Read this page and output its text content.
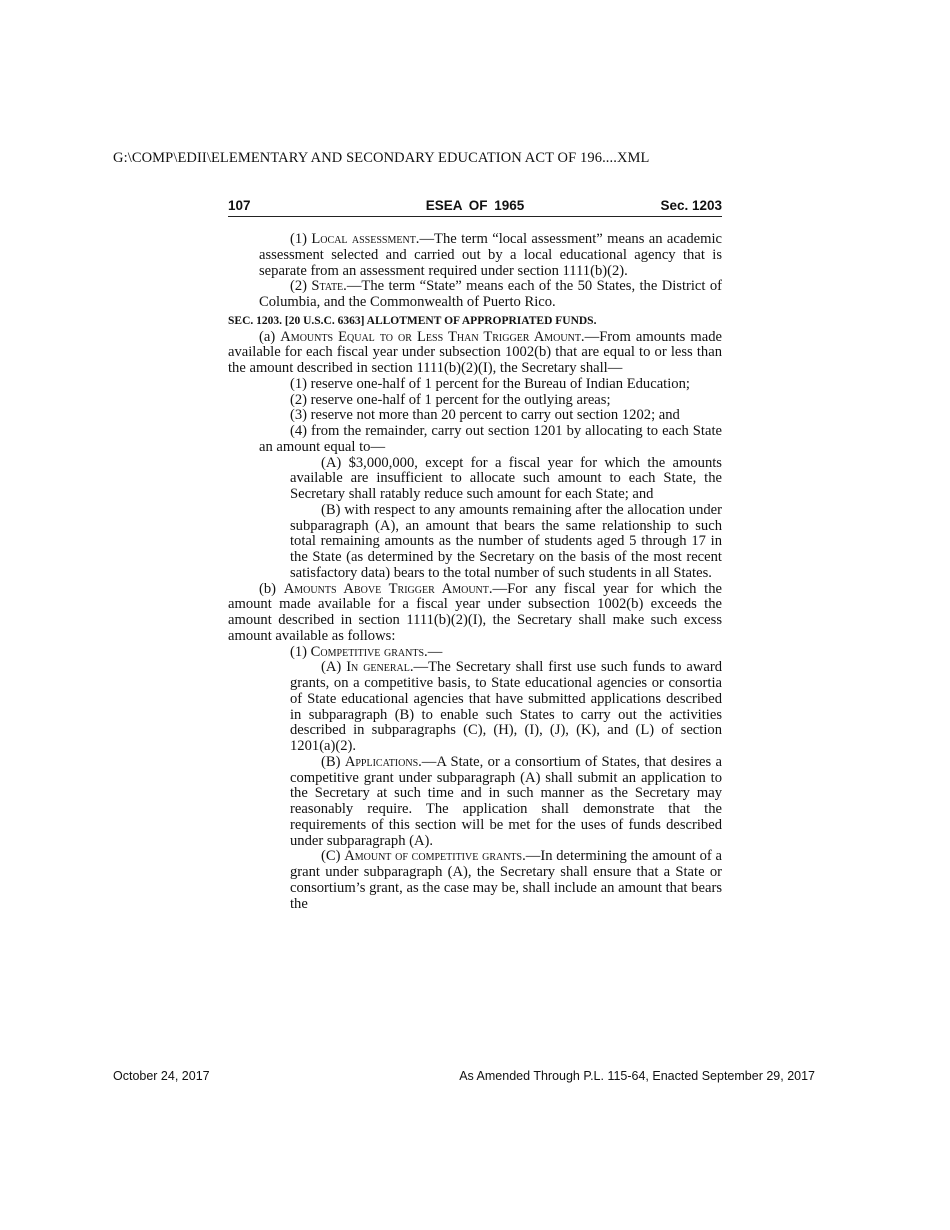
G:\COMP\EDII\ELEMENTARY AND SECONDARY EDUCATION ACT OF 196....XML
ESEA OF 1965
107	Sec. 1203

(1) Local assessment.—The term “local assessment” means an academic assessment selected and carried out by a local educational agency that is separate from an assessment required under section 1111(b)(2).

(2) State.—The term “State” means each of the 50 States, the District of Columbia, and the Commonwealth of Puerto Rico.

SEC. 1203. [20 U.S.C. 6363] ALLOTMENT OF APPROPRIATED FUNDS.

(a) Amounts Equal to or Less Than Trigger Amount.—From amounts made available for each fiscal year under subsection 1002(b) that are equal to or less than the amount described in section 1111(b)(2)(I), the Secretary shall—

(1) reserve one-half of 1 percent for the Bureau of Indian Education;

(2) reserve one-half of 1 percent for the outlying areas;

(3) reserve not more than 20 percent to carry out section 1202; and

(4) from the remainder, carry out section 1201 by allocating to each State an amount equal to—

(A) $3,000,000, except for a fiscal year for which the amounts available are insufficient to allocate such amount to each State, the Secretary shall ratably reduce such amount for each State; and

(B) with respect to any amounts remaining after the allocation under subparagraph (A), an amount that bears the same relationship to such total remaining amounts as the number of students aged 5 through 17 in the State (as determined by the Secretary on the basis of the most recent satisfactory data) bears to the total number of such students in all States.

(b) Amounts Above Trigger Amount.—For any fiscal year for which the amount made available for a fiscal year under subsection 1002(b) exceeds the amount described in section 1111(b)(2)(I), the Secretary shall make such excess amount available as follows:

(1) Competitive grants.—

(A) In general.—The Secretary shall first use such funds to award grants, on a competitive basis, to State educational agencies or consortia of State educational agencies that have submitted applications described in subparagraph (B) to enable such States to carry out the activities described in subparagraphs (C), (H), (I), (J), (K), and (L) of section 1201(a)(2).

(B) Applications.—A State, or a consortium of States, that desires a competitive grant under subparagraph (A) shall submit an application to the Secretary at such time and in such manner as the Secretary may reasonably require. The application shall demonstrate that the requirements of this section will be met for the uses of funds described under subparagraph (A).

(C) Amount of competitive grants.—In determining the amount of a grant under subparagraph (A), the Secretary shall ensure that a State or consortium’s grant, as the case may be, shall include an amount that bears the

October 24, 2017	As Amended Through P.L. 115-64, Enacted September 29, 2017
